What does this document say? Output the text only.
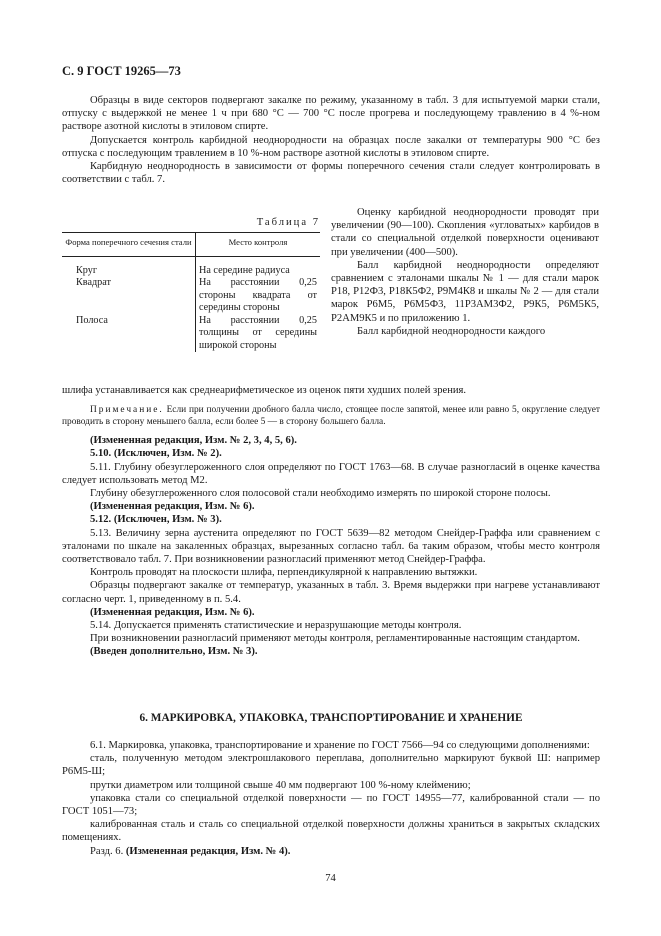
С. 9 ГОСТ 19265—73

Образцы в виде секторов подвергают закалке по режиму, указанному в табл. 3 для испытуемой марки стали, отпуску с выдержкой не менее 1 ч при 680 °С — 700 °С после прогрева и последующему травлению в 4 %-ном растворе азотной кислоты в этиловом спирте.

Допускается контроль карбидной неоднородности на образцах после закалки от температуры 900 °С без отпуска с последующим травлением в 10 %-ном растворе азотной кислоты в этиловом спирте.

Карбидную неоднородность в зависимости от формы поперечного сечения стали следует контролировать в соответствии с табл. 7.

Таблица 7
Форма поперечного сечения стали	Место контроля
Круг	На середине радиуса
Квадрат	На расстоянии 0,25 стороны квадрата от середины стороны
Полоса	На расстоянии 0,25 толщины от середины широкой стороны

Оценку карбидной неоднородности проводят при увеличении (90—100). Скопления «угловатых» карбидов в стали со специальной отделкой поверхности оценивают при увеличении (400—500).

Балл карбидной неоднородности определяют сравнением с эталонами шкалы № 1 — для стали марок Р18, Р12Ф3, Р18К5Ф2, Р9М4К8 и шкалы № 2 — для стали марок Р6М5, Р6М5Ф3, 11Р3АМ3Ф2, Р9К5, Р6М5К5, Р2АМ9К5 и по приложению 1.

Балл карбидной неоднородности каждого

шлифа устанавливается как среднеарифметическое из оценок пяти худших полей зрения.

Примечание. Если при получении дробного балла число, стоящее после запятой, менее или равно 5, округление следует проводить в сторону меньшего балла, если более 5 — в сторону большего балла.

(Измененная редакция, Изм. № 2, 3, 4, 5, 6).

5.10. (Исключен, Изм. № 2).

5.11. Глубину обезуглероженного слоя определяют по ГОСТ 1763—68. В случае разногласий в оценке качества следует использовать метод М2.

Глубину обезуглероженного слоя полосовой стали необходимо измерять по широкой стороне полосы.

(Измененная редакция, Изм. № 6).

5.12. (Исключен, Изм. № 3).

5.13. Величину зерна аустенита определяют по ГОСТ 5639—82 методом Снейдер-Граффа или сравнением с эталонами по шкале на закаленных образцах, вырезанных согласно табл. 6а таким образом, чтобы место контроля соответствовало табл. 7. При возникновении разногласий применяют метод Снейдер-Граффа.

Контроль проводят на плоскости шлифа, перпендикулярной к направлению вытяжки.

Образцы подвергают закалке от температур, указанных в табл. 3. Время выдержки при нагреве устанавливают согласно черт. 1, приведенному в п. 5.4.

(Измененная редакция, Изм. № 6).

5.14. Допускается применять статистические и неразрушающие методы контроля.

При возникновении разногласий применяют методы контроля, регламентированные настоящим стандартом.

(Введен дополнительно, Изм. № 3).

6. МАРКИРОВКА, УПАКОВКА, ТРАНСПОРТИРОВАНИЕ И ХРАНЕНИЕ

6.1. Маркировка, упаковка, транспортирование и хранение по ГОСТ 7566—94 со следующими дополнениями:

сталь, полученную методом электрошлакового переплава, дополнительно маркируют буквой Ш: например Р6М5-Ш;

прутки диаметром или толщиной свыше 40 мм подвергают 100 %-ному клеймению;

упаковка стали со специальной отделкой поверхности — по ГОСТ 14955—77, калиброванной стали — по ГОСТ 1051—73;

калиброванная сталь и сталь со специальной отделкой поверхности должны храниться в закрытых складских помещениях.

Разд. 6. (Измененная редакция, Изм. № 4).

74
